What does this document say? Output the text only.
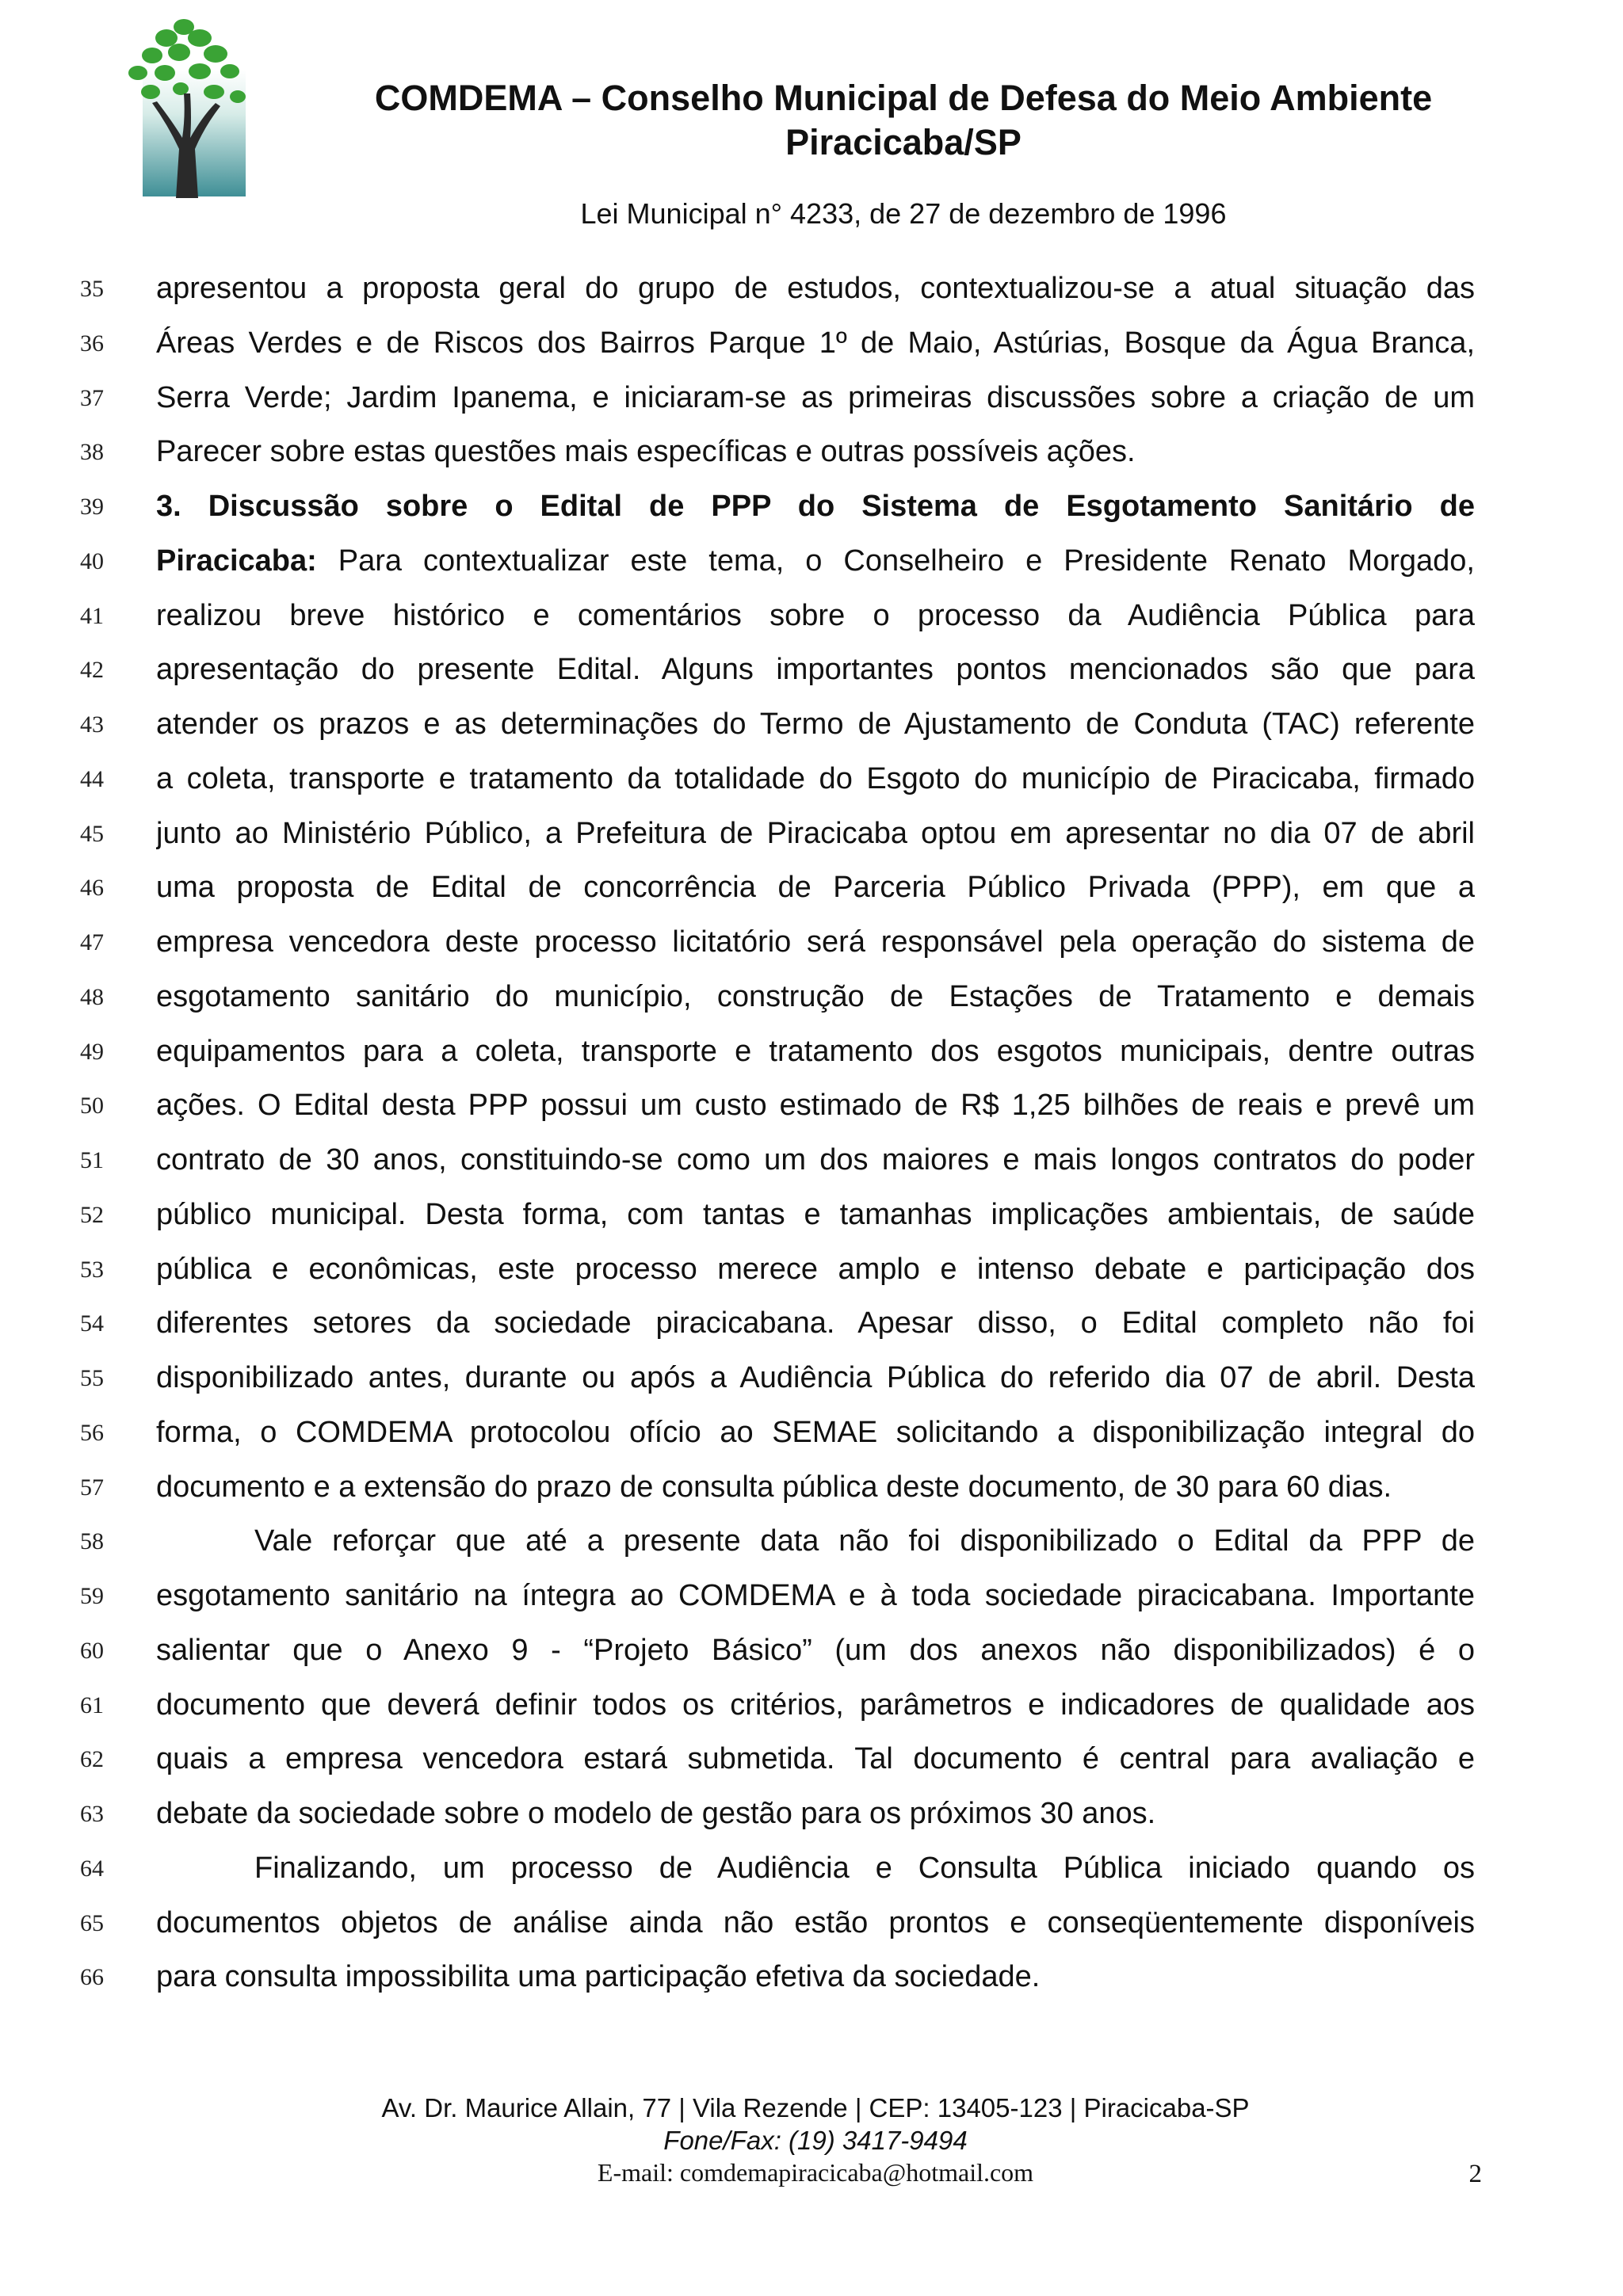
comdema
COMDEMA – Conselho Municipal de Defesa do Meio Ambiente
Piracicaba/SP
Lei Municipal n° 4233, de 27 de dezembro de 1996
35 apresentou a proposta geral do grupo de estudos, contextualizou-se a atual situação das
36 Áreas Verdes e de Riscos dos Bairros Parque 1º de Maio, Astúrias, Bosque da Água Branca,
37 Serra Verde; Jardim Ipanema, e iniciaram-se as primeiras discussões sobre a criação de um
38 Parecer sobre estas questões mais específicas e outras possíveis ações.
39 3. Discussão sobre o Edital de PPP do Sistema de Esgotamento Sanitário de
40 Piracicaba: Para contextualizar este tema, o Conselheiro e Presidente Renato Morgado,
41 realizou breve histórico e comentários sobre o processo da Audiência Pública para
42 apresentação do presente Edital. Alguns importantes pontos mencionados são que para
43 atender os prazos e as determinações do Termo de Ajustamento de Conduta (TAC) referente
44 a coleta, transporte e tratamento da totalidade do Esgoto do município de Piracicaba, firmado
45 junto ao Ministério Público, a Prefeitura de Piracicaba optou em apresentar no dia 07 de abril
46 uma proposta de Edital de concorrência de Parceria Público Privada (PPP), em que a
47 empresa vencedora deste processo licitatório será responsável pela operação do sistema de
48 esgotamento sanitário do município, construção de Estações de Tratamento e demais
49 equipamentos para a coleta, transporte e tratamento dos esgotos municipais, dentre outras
50 ações. O Edital desta PPP possui um custo estimado de R$ 1,25 bilhões de reais e prevê um
51 contrato de 30 anos, constituindo-se como um dos maiores e mais longos contratos do poder
52 público municipal. Desta forma, com tantas e tamanhas implicações ambientais, de saúde
53 pública e econômicas, este processo merece amplo e intenso debate e participação dos
54 diferentes setores da sociedade piracicabana. Apesar disso, o Edital completo não foi
55 disponibilizado antes, durante ou após a Audiência Pública do referido dia 07 de abril. Desta
56 forma, o COMDEMA protocolou ofício ao SEMAE solicitando a disponibilização integral do
57 documento e a extensão do prazo de consulta pública deste documento, de 30 para 60 dias.
58	Vale reforçar que até a presente data não foi disponibilizado o Edital da PPP de
59 esgotamento sanitário na íntegra ao COMDEMA e à toda sociedade piracicabana. Importante
60 salientar que o Anexo 9 - “Projeto Básico” (um dos anexos não disponibilizados) é o
61 documento que deverá definir todos os critérios, parâmetros e indicadores de qualidade aos
62 quais a empresa vencedora estará submetida. Tal documento é central para avaliação e
63 debate da sociedade sobre o modelo de gestão para os próximos 30 anos.
64	Finalizando, um processo de Audiência e Consulta Pública iniciado quando os
65 documentos objetos de análise ainda não estão prontos e conseqüentemente disponíveis
66 para consulta impossibilita uma participação efetiva da sociedade.
Av. Dr. Maurice Allain, 77 | Vila Rezende | CEP: 13405-123 | Piracicaba-SP
Fone/Fax: (19) 3417-9494
E-mail: comdemapiracicaba@hotmail.com	2
